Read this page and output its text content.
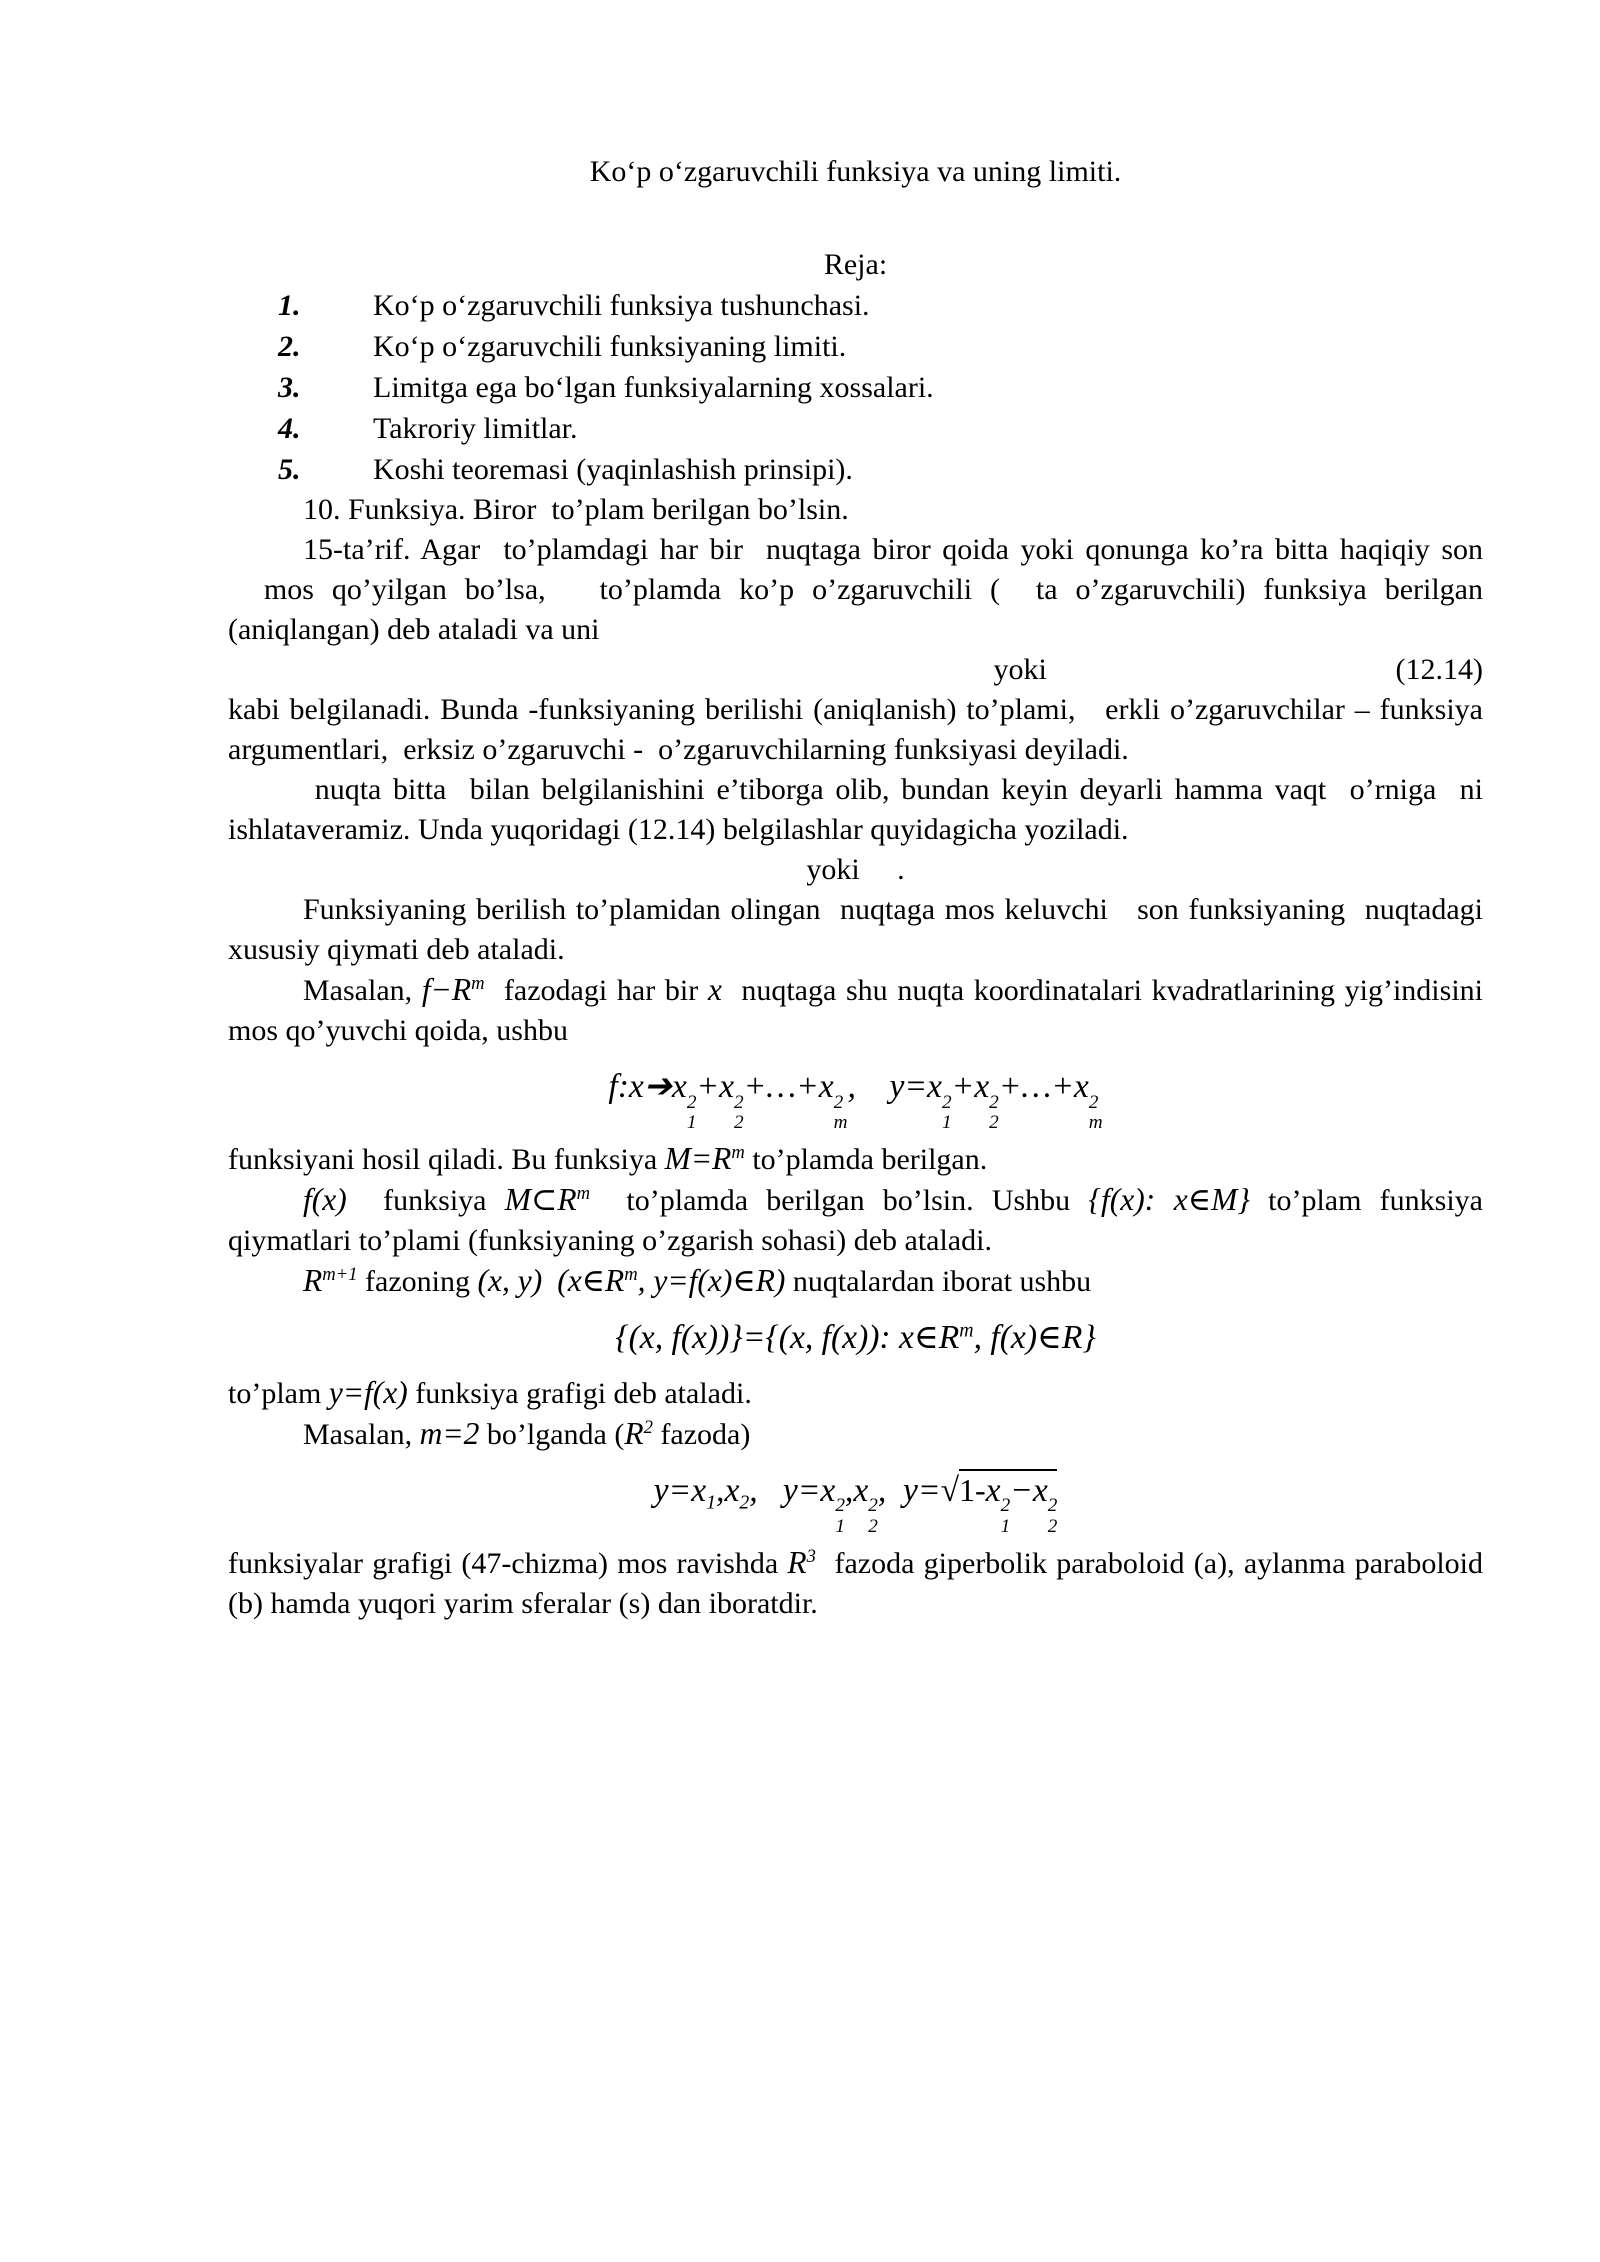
Koʻp oʻzgaruvchili funksiya va uning limiti.

Reja:

1. Koʻp oʻzgaruvchili funksiya tushunchasi.
2. Koʻp oʻzgaruvchili funksiyaning limiti.
3. Limitga ega boʻlgan funksiyalarning xossalari.
4. Takroriy limitlar.
5. Koshi teoremasi (yaqinlashish prinsipi).

10. Funksiya. Biror  to’plam berilgan bo’lsin.

15-ta’rif. Agar  to’plamdagi har bir  nuqtaga biror qoida yoki qonunga ko’ra bitta haqiqiy son   mos qo’yilgan bo’lsa,   to’plamda ko’p o’zgaruvchili (  ta o’zgaruvchili) funksiya berilgan (aniqlangan) deb ataladi va uni

yoki	(12.14)

kabi belgilanadi. Bunda -funksiyaning berilishi (aniqlanish) to’plami,   erkli o’zgaruvchilar – funksiya argumentlari,  erksiz o’zgaruvchi -  o’zgaruvchilarning funksiyasi deyiladi.

nuqta bitta  bilan belgilanishini e’tiborga olib, bundan keyin deyarli hamma vaqt  o’rniga  ni ishlataveramiz. Unda yuqoridagi (12.14) belgilashlar quyidagicha yoziladi.

yoki     .

Funksiyaning berilish to’plamidan olingan  nuqtaga mos keluvchi   son funksiyaning  nuqtadagi xususiy qiymati deb ataladi.

Masalan, $f-R^m$  fazodagi har bir x  nuqtaga shu nuqta koordinatalari kvadratlarining yig’indisini mos qo’yuvchi qoida, ushbu

f:x➔x 2
1
+x 2
2
+…+x 2
m
,    y=x 2
1
+x 2
2
+…+x 2
m

funksiyani hosil qiladi. Bu funksiya $M=R^m$ to’plamda berilgan.

f(x)  funksiya $M\subset R^m$  to’plamda berilgan bo’lsin. Ushbu {f(x): x∈M} to’plam funksiya qiymatlari to’plami (funksiyaning o’zgarish sohasi) deb ataladi.

$R^{m+1}$ fazoning (x, y) ($x\in R^m$, y=f(x)∈R) nuqtalardan iborat ushbu

{(x, f(x))}={(x, f(x)): $x\in R^m$, f(x)∈R}

to’plam y=f(x) funksiya grafigi deb ataladi.

Masalan, m=2 bo’lganda ($R^2$ fazoda)

$y=x_1,x_2$,   y=x 2
1
,x 2
2
,  y=√1-x 2
1
−x 2
2

funksiyalar grafigi (47-chizma) mos ravishda $R^3$  fazoda giperbolik paraboloid (a), aylanma paraboloid (b) hamda yuqori yarim sferalar (s) dan iboratdir.
